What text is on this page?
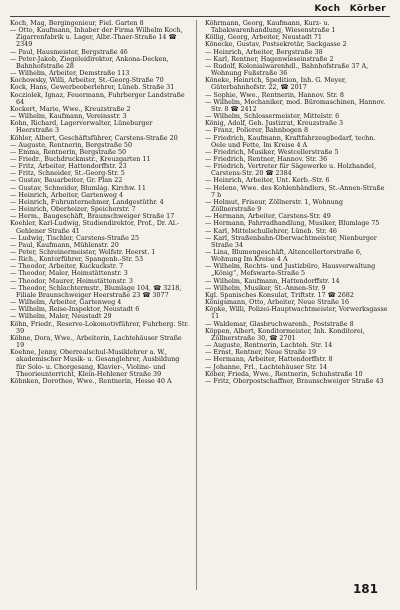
Koch Körber

Koch, Mag, Bergingenieur, Fiel. Garten 8

— Otto, Kaufmann, Inhaber der Firma Wilhelm Koch, Zigarrenfabrik u. Lager, Albr.-Thaer-Straße 14 ☎ 2349

— Paul, Hausmeister, Bergstraße 46

— Peter-Jakob, Ziegeleidirektor, Ankona-Decken, Bahnhofstraße 28

— Wilhelm, Arbeiter, Demstraße 113

Kochowsky, Willi, Arbeiter, St.-Georg-Straße 70

Kock, Hans, Gewerbeoberlehrer, Lüneb. Straße 31

Kocziolek, Ignaz, Feuermann, Fuhrberger Landstraße 64

Kockert, Marie, Wwe., Kreuzstraße 2

— Wilhelm, Kaufmann, Vereinsstr. 3

Kohn, Richard, Lagerverwalter, Lüneburger Heerstraße 3

Köhler, Albert, Geschäftsführer, Carstens-Straße 20

— Auguste, Rentnerin, Bergstraße 50

— Emma, Rentnerin, Bergstraße 50

— Friedr., Buchdruckmstr., Kreuzgarten 11

— Fritz, Arbeiter, Hattendorffstr. 23

— Fritz, Schneider, St.-Georg-Str. 5

— Gustav, Bauarbeiter, Gr. Plan 22

— Gustav, Schneider, Blumlág. Kirchw. 11

— Heinrich, Arbeiter, Gartenweg 4

— Heinrich, Fuhrunternehmer, Landgestüthr. 4

— Heinrich, Oberheizer, Speicherstr. 7

— Herm., Baugeschäft, Braunschweiger Straße 17

Koehler, Karl-Ludwig, Studiendirektor, Prof., Dr. Al.-Gehlener Straße 41

— Ludwig, Tischler, Carstens-Straße 25

— Paul, Kaufmann, Mühlenstr. 20

— Peter, Schreinermeister, Welfstr. Heerst. 1

— Rich., Kontorführer, Spangenb.-Str. 53

— Theodor, Arbeiter, Kuckuckstr. 7

— Theodor, Maler, Heimstättenstr. 3

— Theodor, Maurer, Heimstättenstr. 3

— Theodor, Schlachtermstr., Blumlage 104, ☎ 3218, Filiale Braunschweiger Heerstraße 23 ☎ 3077

— Wilhelm, Arbeiter, Gartenweg 4

— Wilhelm, Reise-Inspektor, Neustadt 6

— Wilhelm, Maler, Neustadt 29

Köhn, Friedr., Reserve-Lokomotivführer, Fuhrberg. Str. 39

Köhne, Dora, Wwe., Arbeiterin, Lachtehäuser Straße 19

Koehne, Jenny, Oberrealschul-Musiklehrer a. W., akademischer Musik- u. Gesanglehrer, Ausbildung für Solo- u. Chorgesang, Klavier-, Violine- und Theorieunterricht, Klein-Hehlener Straße 39

Köhnken, Dorothee, Wwe., Rentnerin, Hesse 40 A

Köhrmann, Georg, Kaufmann, Kurz- u. Tabakwarenhandlung, Wiesenstraße 1

Köllig, Georg, Arbeiter, Neustadt 71

Könecke, Gustav, Postsekretär, Sackgasse 2

— Heinrich, Arbeiter, Bergstraße 38

— Karl, Rentner, Hagenwieseinstraße 2

— Rudolf, Kolonialwarenhdl., Bahnhofstraße 37 A, Wohnung Fußstraße 36

Köneke, Heinrich, Spedition, Inh. G. Meyer, Güterbahnhofstr. 22, ☎ 2017

— Sophie, Wwe., Rentnerin, Hannov. Str. 8

— Wilhelm, Mechaniker, mod. Büromaschinen, Hannov. Str. 8 ☎ 2412

— Wilhelm, Schlossermeister, Mittelstr. 6

König, Adolf, Geh. Justizrat, Kreuzstraße 3

— Franz, Polierer, Bahnbogen 8

— Friedrich, Kaufmann, Kraftfahrzeugbedarf, techn. Oele und Fette, Im Kreise 4 A

— Friedrich, Musiker, Westcellerstraße 5

— Friedrich, Rentner, Hannov. Str. 36

— Friedrich, Vertreter für Sägewerke u. Holzhandel, Carstens-Str. 20 ☎ 2384

— Heinrich, Arbeiter, Unt. Kerb.-Str. 6

— Helene, Wwe. des Kohlenhändlers, St.-Annen-Straße 7 b

— Helmut, Friseur, Zöllnerstr. 1, Wohnung Zöllnerstraße 9

— Hermann, Arbeiter, Carstens-Str. 49

— Hermann, Fahrradhandlung, Musiker, Blumlage 75

— Karl, Mittelschullehrer, Lüneb. Str. 46

— Karl, Straßenbahn-Oberwachtmeister, Nienburger Straße 34

— Lina, Blumengeschäft, Altencellertorstraße 6, Wohnung Im Kreise 4 A

— Wilhelm, Rechts- und Justizbüro, Hausverwaltung „König“, Mefswarte-Straße 5

— Wilhelm, Kaufmann, Hattendorffstr. 14

— Wilhelm, Musiker, St.-Annen-Str. 9

Kgl. Spanisches Konsulat, Triftstr. 17 ☎ 2682

Königsmann, Otto, Arbeiter, Neue Straße 16

Köpke, Willi, Polizei-Hauptwachtmeister, Vorwerksgasse 11

— Waldemar, Glasbruchwarenh., Poststraße 8

Köppen, Albert, Konditormeister, Inh. Konditorei, Zöllnerstraße 30, ☎ 2701

— Auguste, Rentnerin, Lachteh. Str. 14

— Ernst, Rentner, Neue Straße 19

— Hermann, Arbeiter, Hattendorffstr. 8

— Johanne, Frl., Lachtehäuser Str. 14

Köber, Frieda, Wwe., Rentnerin, Schuhstraße 10

— Fritz, Oberpostschaffner, Braunschweiger Straße 43

181
